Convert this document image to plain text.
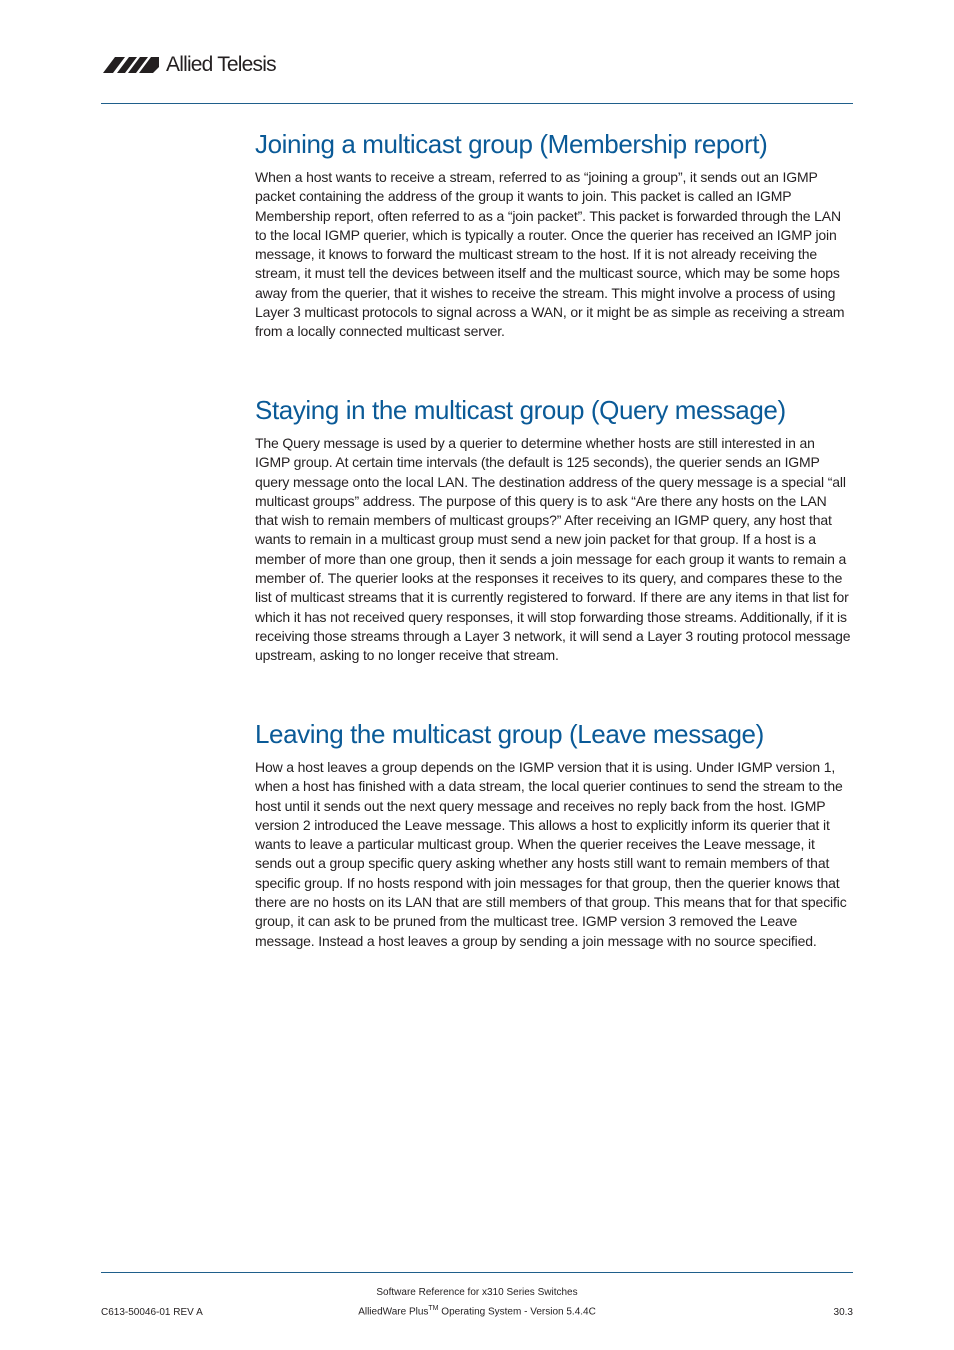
Allied Telesis
Joining a multicast group (Membership report)

When a host wants to receive a stream, referred to as “joining a group”, it sends out an IGMP packet containing the address of the group it wants to join. This packet is called an IGMP Membership report, often referred to as a “join packet”. This packet is forwarded through the LAN to the local IGMP querier, which is typically a router. Once the querier has received an IGMP join message, it knows to forward the multicast stream to the host. If it is not already receiving the stream, it must tell the devices between itself and the multicast source, which may be some hops away from the querier, that it wishes to receive the stream. This might involve a process of using Layer 3 multicast protocols to signal across a WAN, or it might be as simple as receiving a stream from a locally connected multicast server.

Staying in the multicast group (Query message)

The Query message is used by a querier to determine whether hosts are still interested in an IGMP group. At certain time intervals (the default is 125 seconds), the querier sends an IGMP query message onto the local LAN. The destination address of the query message is a special “all multicast groups” address. The purpose of this query is to ask “Are there any hosts on the LAN that wish to remain members of multicast groups?” After receiving an IGMP query, any host that wants to remain in a multicast group must send a new join packet for that group. If a host is a member of more than one group, then it sends a join message for each group it wants to remain a member of. The querier looks at the responses it receives to its query, and compares these to the list of multicast streams that it is currently registered to forward. If there are any items in that list for which it has not received query responses, it will stop forwarding those streams. Additionally, if it is receiving those streams through a Layer 3 network, it will send a Layer 3 routing protocol message upstream, asking to no longer receive that stream.

Leaving the multicast group (Leave message)

How a host leaves a group depends on the IGMP version that it is using. Under IGMP version 1, when a host has finished with a data stream, the local querier continues to send the stream to the host until it sends out the next query message and receives no reply back from the host. IGMP version 2 introduced the Leave message. This allows a host to explicitly inform its querier that it wants to leave a particular multicast group. When the querier receives the Leave message, it sends out a group specific query asking whether any hosts still want to remain members of that specific group. If no hosts respond with join messages for that group, then the querier knows that there are no hosts on its LAN that are still members of that group. This means that for that specific group, it can ask to be pruned from the multicast tree. IGMP version 3 removed the Leave message. Instead a host leaves a group by sending a join message with no source specified.

Software Reference for x310 Series Switches
AlliedWare Plus™ Operating System - Version 5.4.4C
C613-50046-01 REV A	30.3
